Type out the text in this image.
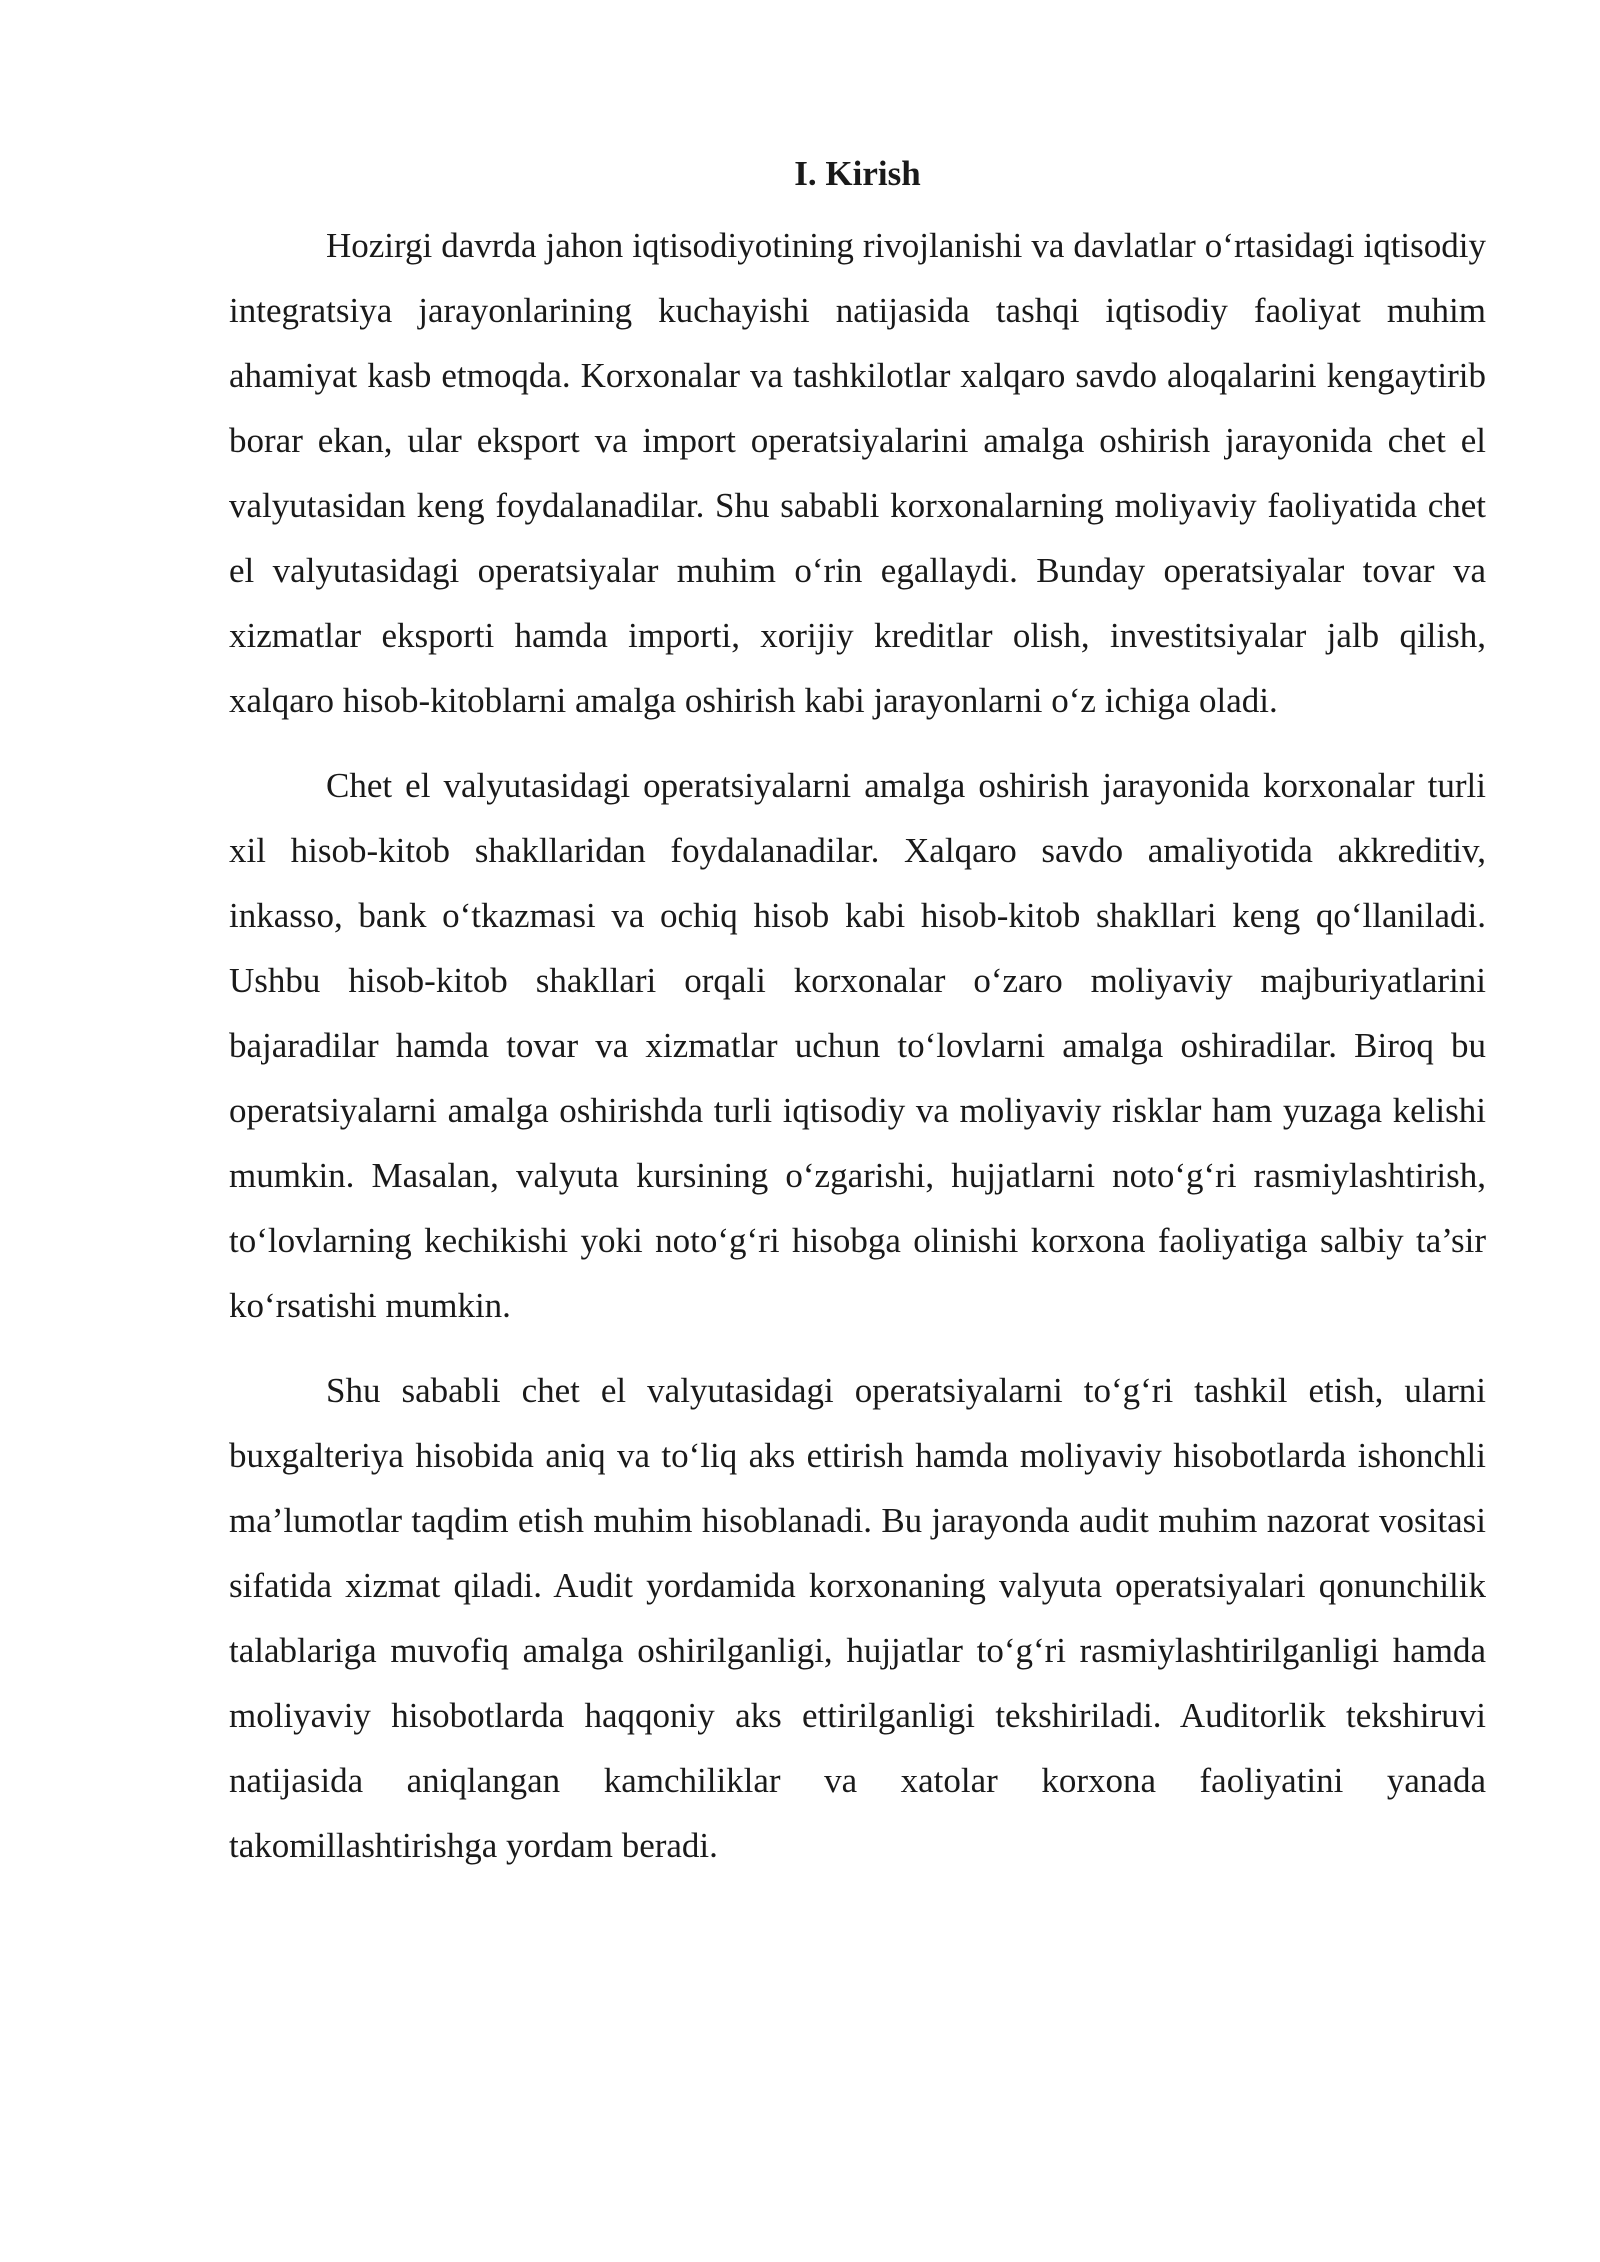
I. Kirish

Hozirgi davrda jahon iqtisodiyotining rivojlanishi va davlatlar o‘rtasidagi iqtisodiy integratsiya jarayonlarining kuchayishi natijasida tashqi iqtisodiy faoliyat muhim ahamiyat kasb etmoqda. Korxonalar va tashkilotlar xalqaro savdo aloqalarini kengaytirib borar ekan, ular eksport va import operatsiyalarini amalga oshirish jarayonida chet el valyutasidan keng foydalanadilar. Shu sababli korxonalarning moliyaviy faoliyatida chet el valyutasidagi operatsiyalar muhim o‘rin egallaydi. Bunday operatsiyalar tovar va xizmatlar eksporti hamda importi, xorijiy kreditlar olish, investitsiyalar jalb qilish, xalqaro hisob-kitoblarni amalga oshirish kabi jarayonlarni o‘z ichiga oladi.

Chet el valyutasidagi operatsiyalarni amalga oshirish jarayonida korxonalar turli xil hisob-kitob shakllaridan foydalanadilar. Xalqaro savdo amaliyotida akkreditiv, inkasso, bank o‘tkazmasi va ochiq hisob kabi hisob-kitob shakllari keng qo‘llaniladi. Ushbu hisob-kitob shakllari orqali korxonalar o‘zaro moliyaviy majburiyatlarini bajaradilar hamda tovar va xizmatlar uchun to‘lovlarni amalga oshiradilar. Biroq bu operatsiyalarni amalga oshirishda turli iqtisodiy va moliyaviy risklar ham yuzaga kelishi mumkin. Masalan, valyuta kursining o‘zgarishi, hujjatlarni noto‘g‘ri rasmiylashtirish, to‘lovlarning kechikishi yoki noto‘g‘ri hisobga olinishi korxona faoliyatiga salbiy ta’sir ko‘rsatishi mumkin.

Shu sababli chet el valyutasidagi operatsiyalarni to‘g‘ri tashkil etish, ularni buxgalteriya hisobida aniq va to‘liq aks ettirish hamda moliyaviy hisobotlarda ishonchli ma’lumotlar taqdim etish muhim hisoblanadi. Bu jarayonda audit muhim nazorat vositasi sifatida xizmat qiladi. Audit yordamida korxonaning valyuta operatsiyalari qonunchilik talablariga muvofiq amalga oshirilganligi, hujjatlar to‘g‘ri rasmiylashtirilganligi hamda moliyaviy hisobotlarda haqqoniy aks ettirilganligi tekshiriladi. Auditorlik tekshiruvi natijasida aniqlangan kamchiliklar va xatolar korxona faoliyatini yanada takomillashtirishga yordam beradi.
